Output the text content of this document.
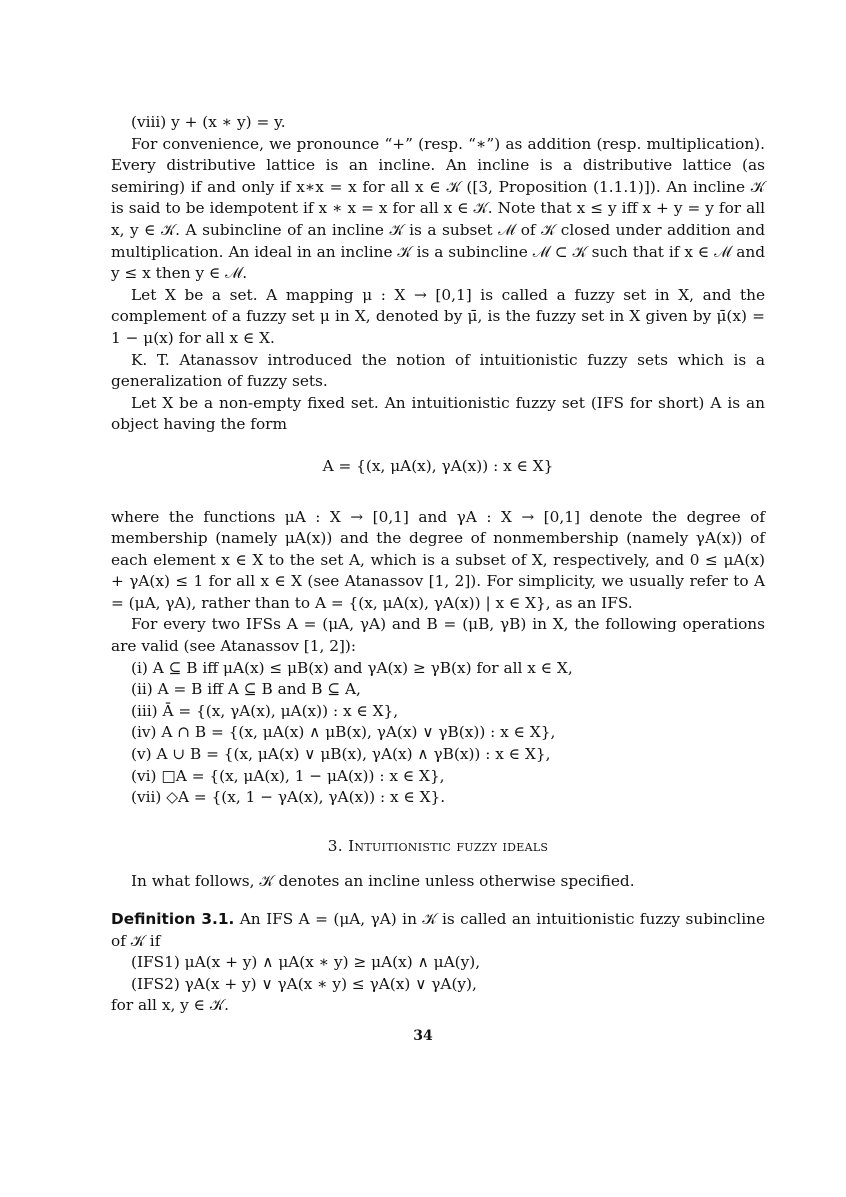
(viii) y + (x ∗ y) = y.

For convenience, we pronounce “+” (resp. “∗”) as addition (resp. multiplication). Every distributive lattice is an incline. An incline is a distributive lattice (as semiring) if and only if x∗x = x for all x ∈ 𝒦 ([3, Proposition (1.1.1)]). An incline 𝒦 is said to be idempotent if x ∗ x = x for all x ∈ 𝒦. Note that x ≤ y iff x + y = y for all x, y ∈ 𝒦. A subincline of an incline 𝒦 is a subset ℳ of 𝒦 closed under addition and multiplication. An ideal in an incline 𝒦 is a subincline ℳ ⊂ 𝒦 such that if x ∈ ℳ and y ≤ x then y ∈ ℳ.

Let X be a set. A mapping μ : X → [0,1] is called a fuzzy set in X, and the complement of a fuzzy set μ in X, denoted by μ̄, is the fuzzy set in X given by μ̄(x) = 1 − μ(x) for all x ∈ X.

K. T. Atanassov introduced the notion of intuitionistic fuzzy sets which is a generalization of fuzzy sets.

Let X be a non-empty fixed set. An intuitionistic fuzzy set (IFS for short) A is an object having the form

A = {(x, μA(x), γA(x)) : x ∈ X}

where the functions μA : X → [0,1] and γA : X → [0,1] denote the degree of membership (namely μA(x)) and the degree of nonmembership (namely γA(x)) of each element x ∈ X to the set A, which is a subset of X, respectively, and 0 ≤ μA(x) + γA(x) ≤ 1 for all x ∈ X (see Atanassov [1, 2]). For simplicity, we usually refer to A = (μA, γA), rather than to A = {(x, μA(x), γA(x)) | x ∈ X}, as an IFS.

For every two IFSs A = (μA, γA) and B = (μB, γB) in X, the following operations are valid (see Atanassov [1, 2]):

(i) A ⊆ B iff μA(x) ≤ μB(x) and γA(x) ≥ γB(x) for all x ∈ X,

(ii) A = B iff A ⊆ B and B ⊆ A,

(iii) Ā = {(x, γA(x), μA(x)) : x ∈ X},

(iv) A ∩ B = {(x, μA(x) ∧ μB(x), γA(x) ∨ γB(x)) : x ∈ X},

(v) A ∪ B = {(x, μA(x) ∨ μB(x), γA(x) ∧ γB(x)) : x ∈ X},

(vi) □A = {(x, μA(x), 1 − μA(x)) : x ∈ X},

(vii) ◇A = {(x, 1 − γA(x), γA(x)) : x ∈ X}.

3. Intuitionistic fuzzy ideals

In what follows, 𝒦 denotes an incline unless otherwise specified.

Definition 3.1. An IFS A = (μA, γA) in 𝒦 is called an intuitionistic fuzzy subincline of 𝒦 if

(IFS1) μA(x + y) ∧ μA(x ∗ y) ≥ μA(x) ∧ μA(y),

(IFS2) γA(x + y) ∨ γA(x ∗ y) ≤ γA(x) ∨ γA(y),

for all x, y ∈ 𝒦.

34
